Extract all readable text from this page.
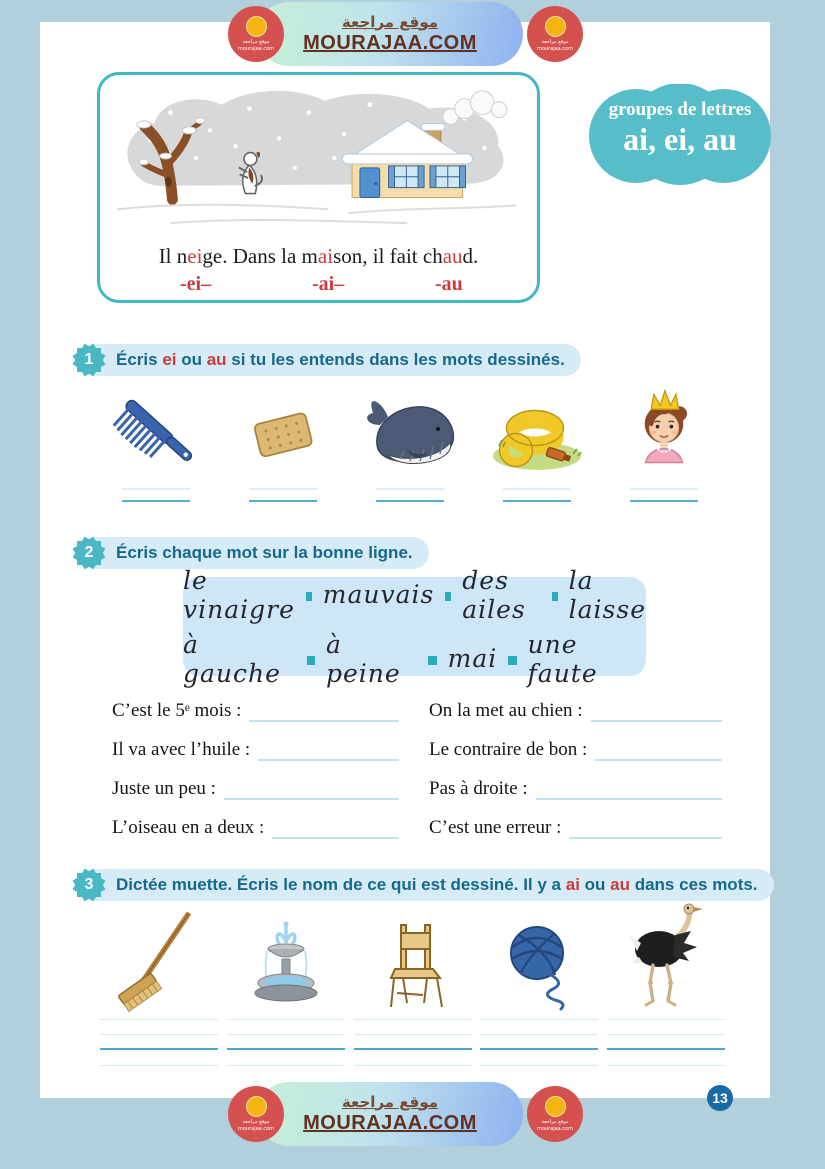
موقع مراجعة
mourajaa.com
موقع مراجعة
MOURAJAA.COM	موقع مراجعة
mourajaa.com
Il neige. Dans la maison, il fait chaud.
-ei–	-ai–	-au
groupes de lettres
ai, ei, au
1	Écris ei ou au si tu les entends dans les mots dessinés.
2	Écris chaque mot sur la bonne ligne.
le vinaigre mauvais des ailes
la laisse
à gauche
à peine	mai une faute
C’est le 5ᵉ mois :	On la met au chien :
Il va avec l’huile :	Le contraire de bon :
Juste un peu :	Pas à droite :
L’oiseau en a deux :	C’est une erreur :
3	Dictée muette. Écris le nom de ce qui est dessiné. Il y a ai ou au dans ces mots.
موقع مراجعة
mourajaa.com
موقع مراجعة
MOURAJAA.COM	موقع مراجعة
mourajaa.com
13
